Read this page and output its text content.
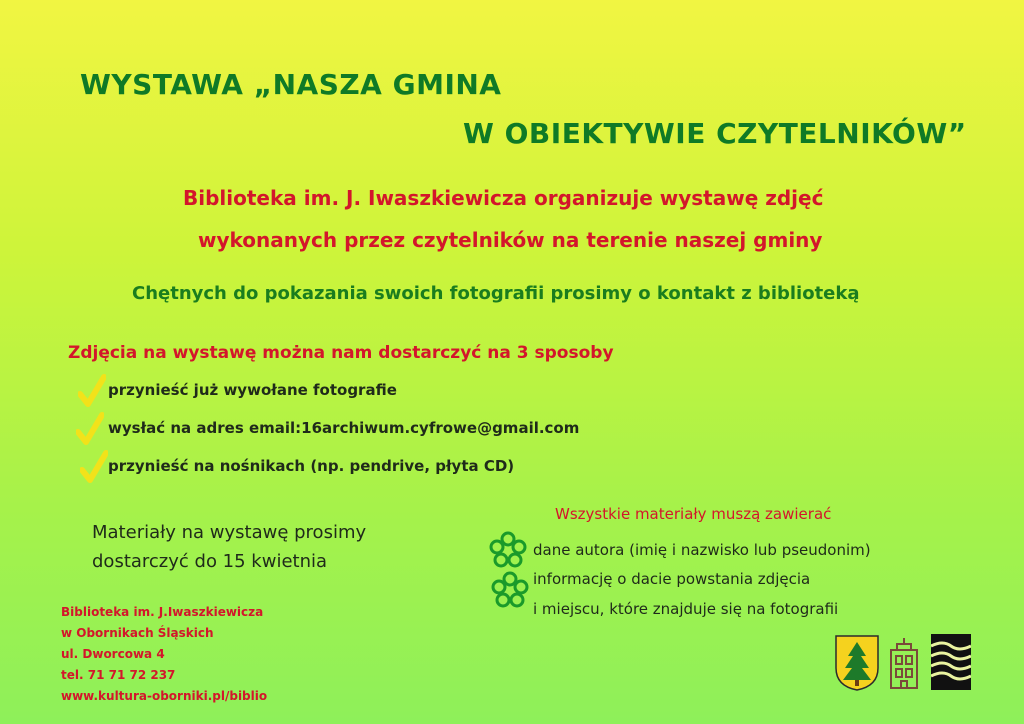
WYSTAWA „NASZA GMINA
W OBIEKTYWIE CZYTELNIKÓW”
Biblioteka im. J. Iwaszkiewicza organizuje wystawę zdjęć
wykonanych przez czytelników na terenie naszej gminy
Chętnych do pokazania swoich fotografii prosimy o kontakt z biblioteką
Zdjęcia na wystawę można nam dostarczyć na 3 sposoby
przynieść już wywołane fotografie
wysłać na adres email:16archiwum.cyfrowe@gmail.com
przynieść na nośnikach (np. pendrive, płyta CD)
Materiały na wystawę prosimy
dostarczyć do 15 kwietnia
Wszystkie materiały muszą zawierać
dane autora (imię i nazwisko lub pseudonim)
informację o dacie powstania zdjęcia
i miejscu, które znajduje się na fotografii
Biblioteka im. J.Iwaszkiewicza
w Obornikach Śląskich
ul. Dworcowa 4
tel. 71 71 72 237
www.kultura-oborniki.pl/biblio
